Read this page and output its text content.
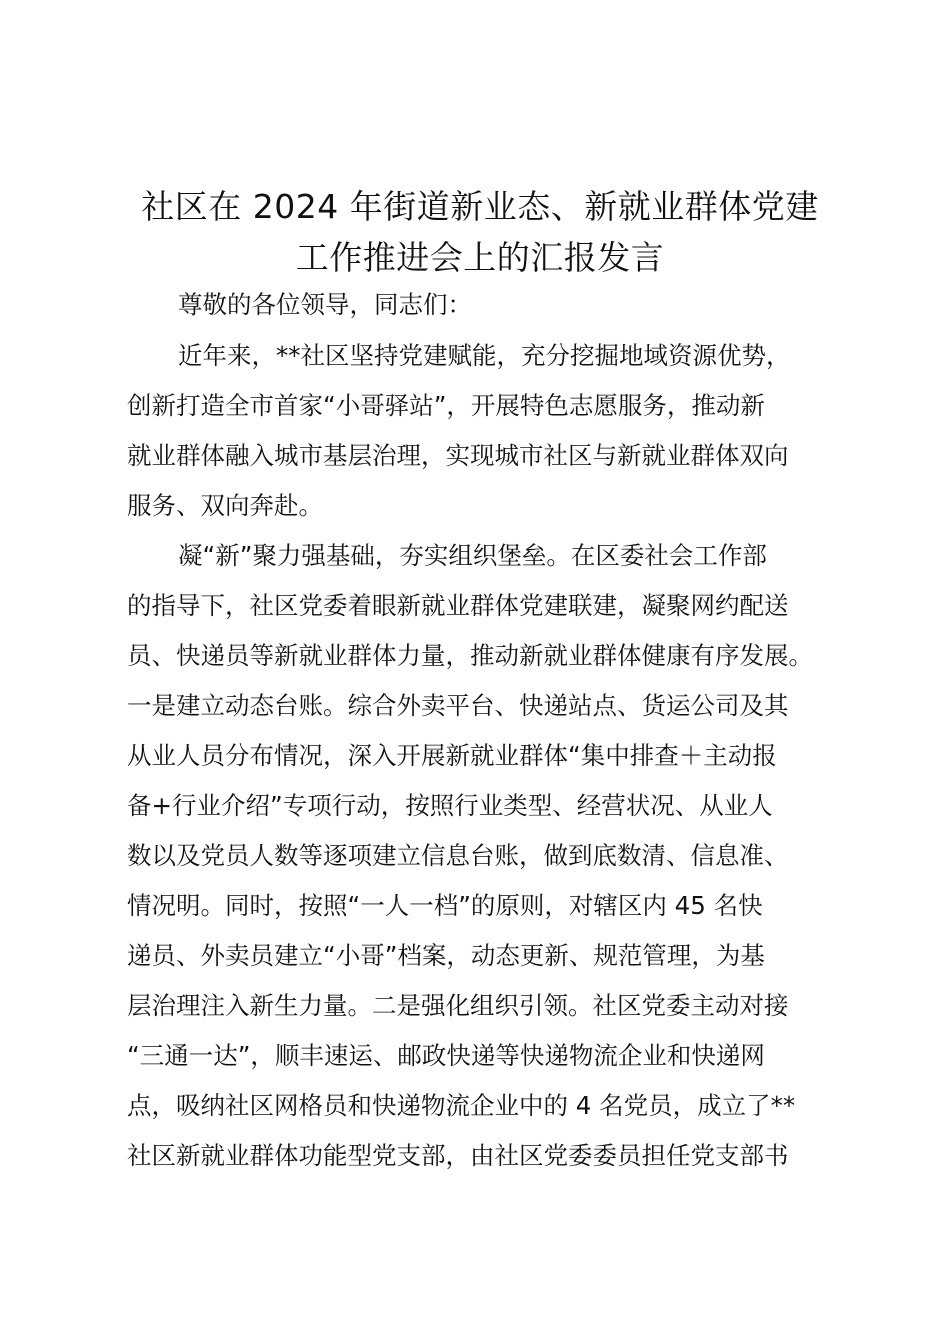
社区在 2024 年街道新业态、新就业群体党建
工作推进会上的汇报发言
尊敬的各位领导，同志们：
近年来，**社区坚持党建赋能，充分挖掘地域资源优势，
创新打造全市首家“小哥驿站”，开展特色志愿服务，推动新
就业群体融入城市基层治理，实现城市社区与新就业群体双向
服务、双向奔赴。
凝“新”聚力强基础，夯实组织堡垒。在区委社会工作部
的指导下，社区党委着眼新就业群体党建联建，凝聚网约配送
员、快递员等新就业群体力量，推动新就业群体健康有序发展。
一是建立动态台账。综合外卖平台、快递站点、货运公司及其
从业人员分布情况，深入开展新就业群体“集中排查＋主动报
备+行业介绍”专项行动，按照行业类型、经营状况、从业人
数以及党员人数等逐项建立信息台账，做到底数清、信息准、
情况明。同时，按照“一人一档”的原则，对辖区内 45 名快
递员、外卖员建立“小哥”档案，动态更新、规范管理，为基
层治理注入新生力量。二是强化组织引领。社区党委主动对接
“三通一达”，顺丰速运、邮政快递等快递物流企业和快递网
点，吸纳社区网格员和快递物流企业中的 4 名党员，成立了**
社区新就业群体功能型党支部，由社区党委委员担任党支部书
